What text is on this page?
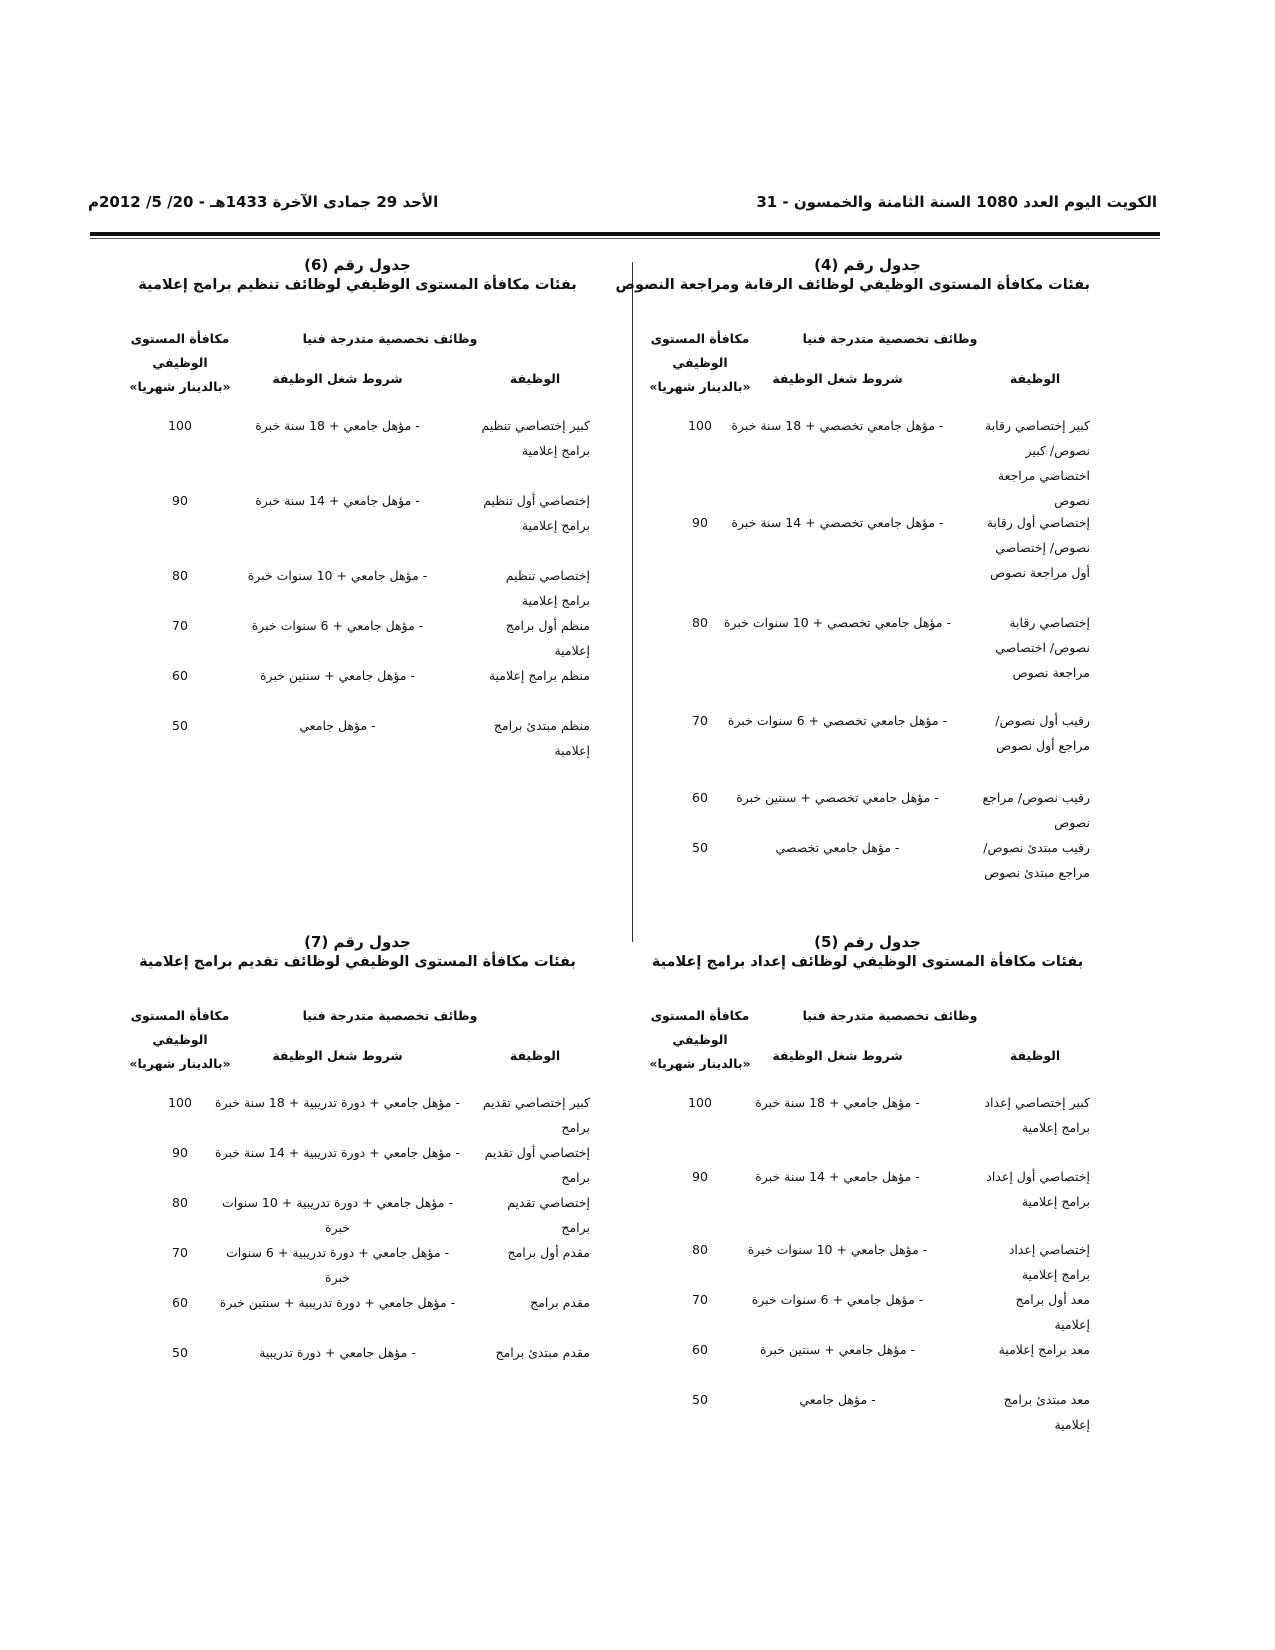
الكويت اليوم العدد 1080 السنة الثامنة والخمسون - 31
الأحد 29 جمادى الآخرة 1433هـ - 20/ 5/ 2012م
جدول رقم (4)
بفئات مكافأة المستوى الوظيفي لوظائف الرقابة ومراجعة النصوص
وظائف تخصصية متدرجة فنيا
الوظيفة
شروط شغل الوظيفة
مكافأة المستوى الوظيفي «بالدينار شهريا»
كبير إختصاصي رقابة نصوص/ كبير اختصاصي مراجعة نصوص
- مؤهل جامعي تخصصي + 18 سنة خبرة
100
إختصاصي أول رقابة نصوص/ إختصاصي أول مراجعة نصوص
- مؤهل جامعي تخصصي + 14 سنة خبرة
90
إختصاصي رقابة نصوص/ اختصاصي مراجعة نصوص
- مؤهل جامعي تخصصي + 10 سنوات خبرة
80
رقيب أول نصوص/ مراجع أول نصوص
- مؤهل جامعي تخصصي + 6 سنوات خبرة
70
رقيب نصوص/ مراجع نصوص
- مؤهل جامعي تخصصي + سنتين خبرة
60
رقيب مبتدئ نصوص/ مراجع مبتدئ نصوص
- مؤهل جامعي تخصصي
50
جدول رقم (6)
بفئات مكافأة المستوى الوظيفي لوظائف تنظيم برامج إعلامية
وظائف تخصصية متدرجة فنيا
الوظيفة
شروط شغل الوظيفة
مكافأة المستوى الوظيفي «بالدينار شهريا»
كبير إختصاصي تنظيم برامج إعلامية
- مؤهل جامعي + 18 سنة خبرة
100
إختصاصي أول تنظيم برامج إعلامية
- مؤهل جامعي + 14 سنة خبرة
90
إختصاصي تنظيم برامج إعلامية
- مؤهل جامعي + 10 سنوات خبرة
80
منظم أول برامج إعلامية
- مؤهل جامعي + 6 سنوات خبرة
70
منظم برامج إعلامية
- مؤهل جامعي + سنتين خبرة
60
منظم مبتدئ برامج إعلامية
- مؤهل جامعي
50
جدول رقم (5)
بفئات مكافأة المستوى الوظيفي لوظائف إعداد برامج إعلامية
وظائف تخصصية متدرجة فنيا
الوظيفة
شروط شغل الوظيفة
مكافأة المستوى الوظيفي «بالدينار شهريا»
كبير إختصاصي إعداد برامج إعلامية
- مؤهل جامعي + 18 سنة خبرة
100
إختصاصي أول إعداد برامج إعلامية
- مؤهل جامعي + 14 سنة خبرة
90
إختصاصي إعداد برامج إعلامية
- مؤهل جامعي + 10 سنوات خبرة
80
معد أول برامج إعلامية
- مؤهل جامعي + 6 سنوات خبرة
70
معد برامج إعلامية
- مؤهل جامعي + سنتين خبرة
60
معد مبتدئ برامج إعلامية
- مؤهل جامعي
50
جدول رقم (7)
بفئات مكافأة المستوى الوظيفي لوظائف تقديم برامج إعلامية
وظائف تخصصية متدرجة فنيا
الوظيفة
شروط شغل الوظيفة
مكافأة المستوى الوظيفي «بالدينار شهريا»
كبير إختصاصي تقديم برامج
- مؤهل جامعي + دورة تدريبية + 18 سنة خبرة
100
إختصاصي أول تقديم برامج
- مؤهل جامعي + دورة تدريبية + 14 سنة خبرة
90
إختصاصي تقديم برامج
- مؤهل جامعي + دورة تدريبية + 10 سنوات خبرة
80
مقدم أول برامج
- مؤهل جامعي + دورة تدريبية + 6 سنوات خبرة
70
مقدم برامج
- مؤهل جامعي + دورة تدريبية + سنتين خبرة
60
مقدم مبتدئ برامج
- مؤهل جامعي + دورة تدريبية
50
